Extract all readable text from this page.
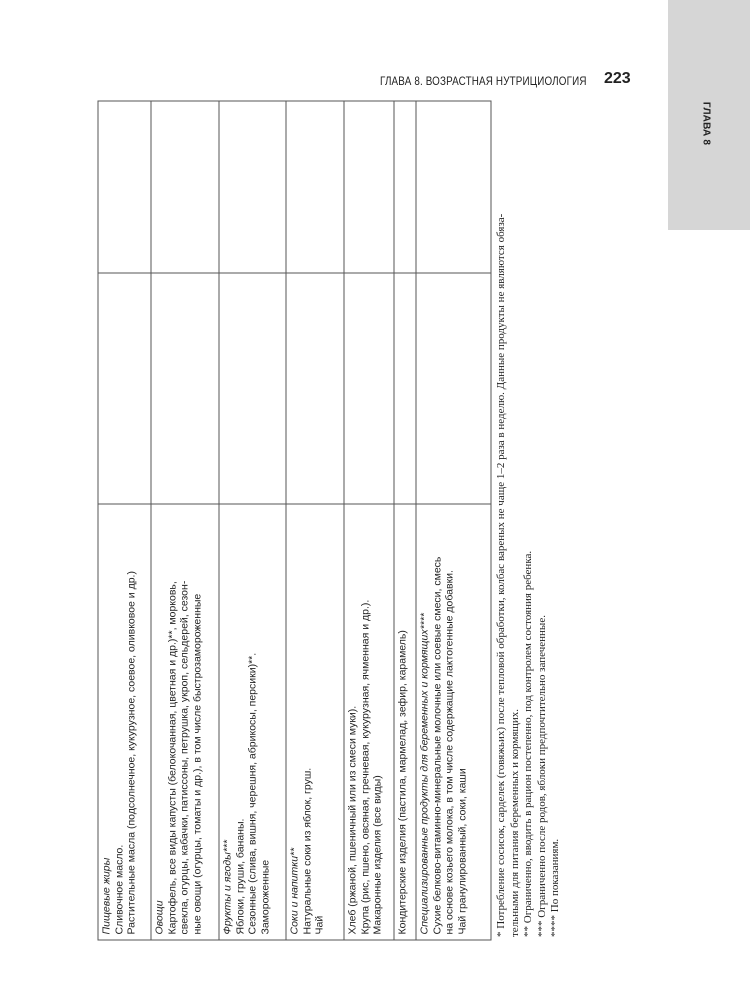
ГЛАВА 8
ГЛАВА 8. ВОЗРАСТНАЯ НУТРИЦИОЛОГИЯ 223
Пищевые жиры Сливочное масло. Растительные масла (подсолнечное, кукурузное, соевое, оливковое и др.)		

Овощи Картофель, все виды капусты (белокочанная, цветная и др.)**, морковь, свекла, огурцы, кабачки, патиссоны, петрушка, укроп, сельдерей, сезон- ные овощи (огурцы, томаты и др.), в том числе быстрозамороженные		

Фрукты и ягоды*** Яблоки, груши, бананы. Сезонные (слива, вишня, черешня, абрикосы, персики)**. Замороженные		

Соки и напитки** Натуральные соки из яблок, груш. Чай		

Хлеб (ржаной, пшеничный или из смеси муки). Крупа (рис, пшено, овсяная, гречневая, кукурузная, ячменная и др.). Макаронные изделия (все виды)		

Кондитерские изделия (пастила, мармелад, зефир, карамель)		

Специализированные продукты для беременных и кормящих**** Сухие белково-витаминно-минеральные молочные или соевые смеси, смесь на основе козьего молока, в том числе содержащие лактогенные добавки. Чай гранулированный, соки, каши		
			* Потребление сосисок, сарделек (говяжьих) после тепловой обработки, колбас вареных не чаще 1–2 раза в неделю. Данные продукты не являются обяза- тельными для питания беременных и кормящих. ** Ограниченно, вводить в рацион постепенно, под контролем состояния ребенка. *** Ограниченно после родов, яблоки предпочтительно запеченные. **** По показаниям.
